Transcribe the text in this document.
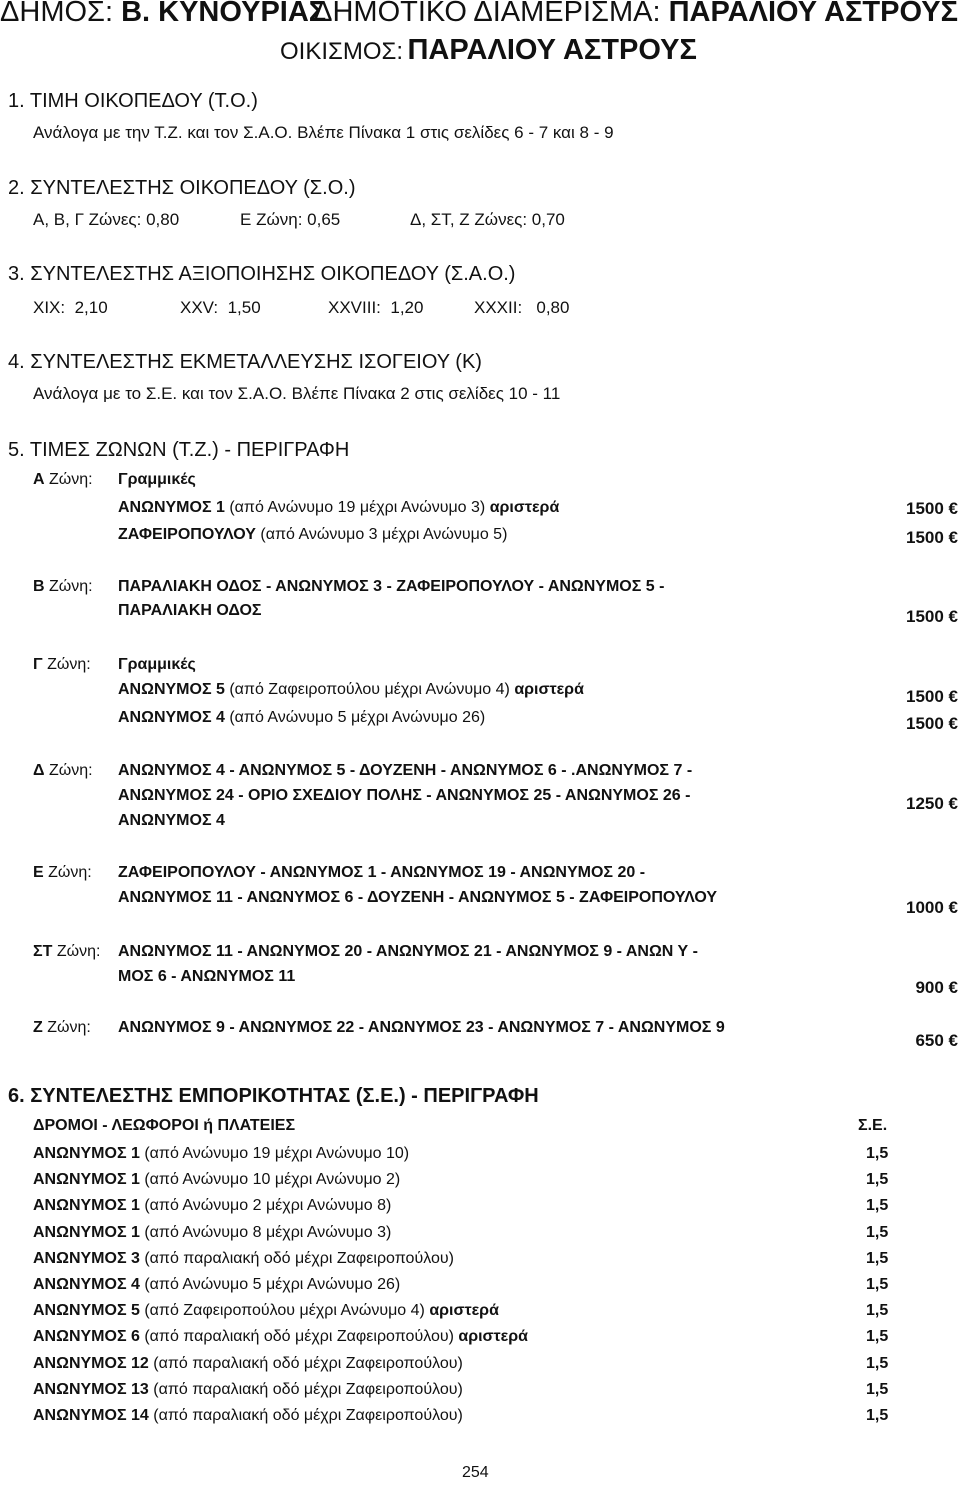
ΔΗΜΟΣ: Β. ΚΥΝΟΥΡΙΑΣ
ΔΗΜΟΤΙΚΟ ΔΙΑΜΕΡΙΣΜΑ: ΠΑΡΑΛΙΟΥ ΑΣΤΡΟΥΣ
ΟΙΚΙΣΜΟΣ: ΠΑΡΑΛΙΟΥ ΑΣΤΡΟΥΣ
1. ΤΙΜΗ ΟΙΚΟΠΕΔΟΥ (Τ.Ο.)
Ανάλογα με την Τ.Ζ. και τον Σ.Α.Ο. Βλέπε Πίνακα 1 στις σελίδες 6 - 7 και 8 - 9
2. ΣΥΝΤΕΛΕΣΤΗΣ ΟΙΚΟΠΕΔΟΥ (Σ.Ο.)
Α, Β, Γ Ζώνες: 0,80	Ε Ζώνη: 0,65	Δ, ΣΤ, Ζ Ζώνες: 0,70
3. ΣΥΝΤΕΛΕΣΤΗΣ ΑΞΙΟΠΟΙΗΣΗΣ ΟΙΚΟΠΕΔΟΥ (Σ.Α.Ο.)
XIX: 2,10	XXV: 1,50	XXVIII: 1,20	XXXII: 0,80
4. ΣΥΝΤΕΛΕΣΤΗΣ ΕΚΜΕΤΑΛΛΕΥΣΗΣ ΙΣΟΓΕΙΟΥ (Κ)
Ανάλογα με το Σ.Ε. και τον Σ.Α.Ο. Βλέπε Πίνακα 2 στις σελίδες 10 - 11
5. ΤΙΜΕΣ ΖΩΝΩΝ (Τ.Ζ.) - ΠΕΡΙΓΡΑΦΗ
Α Ζώνη: Γραμμικές
ΑΝΩΝΥΜΟΣ 1 (από Ανώνυμο 19 μέχρι Ανώνυμο 3) αριστερά	1500 €
ΖΑΦΕΙΡΟΠΟΥΛΟΥ (από Ανώνυμο 3 μέχρι Ανώνυμο 5)	1500 €
Β Ζώνη: ΠΑΡΑΛΙΑΚΗ ΟΔΟΣ - ΑΝΩΝΥΜΟΣ 3 - ΖΑΦΕΙΡΟΠΟΥΛΟΥ - ΑΝΩΝΥΜΟΣ 5 -
ΠΑΡΑΛΙΑΚΗ ΟΔΟΣ	1500 €
Γ Ζώνη: Γραμμικές
ΑΝΩΝΥΜΟΣ 5 (από Ζαφειροπούλου μέχρι Ανώνυμο 4) αριστερά	1500 €
ΑΝΩΝΥΜΟΣ 4 (από Ανώνυμο 5 μέχρι Ανώνυμο 26)	1500 €
Δ Ζώνη: ΑΝΩΝΥΜΟΣ 4 - ΑΝΩΝΥΜΟΣ 5 - ΔΟΥΖΕΝΗ - ΑΝΩΝΥΜΟΣ 6 - .ΑΝΩΝΥΜΟΣ 7 -
ΑΝΩΝΥΜΟΣ 24 - ΟΡΙΟ ΣΧΕΔΙΟΥ ΠΟΛΗΣ - ΑΝΩΝΥΜΟΣ 25 - ΑΝΩΝΥΜΟΣ 26 -
ΑΝΩΝΥΜΟΣ 4
1250 €
Ε Ζώνη: ΖΑΦΕΙΡΟΠΟΥΛΟΥ - ΑΝΩΝΥΜΟΣ 1 - ΑΝΩΝΥΜΟΣ 19 - ΑΝΩΝΥΜΟΣ 20 -
ΑΝΩΝΥΜΟΣ 11 - ΑΝΩΝΥΜΟΣ 6 - ΔΟΥΖΕΝΗ - ΑΝΩΝΥΜΟΣ 5 - ΖΑΦΕΙΡΟΠΟΥΛΟΥ
1000 €
ΣΤ Ζώνη: ΑΝΩΝΥΜΟΣ 11 - ΑΝΩΝΥΜΟΣ 20 - ΑΝΩΝΥΜΟΣ 21 - ΑΝΩΝΥΜΟΣ 9 - ΑΝΩΝ Υ -
ΜΟΣ 6 - ΑΝΩΝΥΜΟΣ 11
900 €
Ζ Ζώνη: ΑΝΩΝΥΜΟΣ 9 - ΑΝΩΝΥΜΟΣ 22 - ΑΝΩΝΥΜΟΣ 23 - ΑΝΩΝΥΜΟΣ 7 - ΑΝΩΝΥΜΟΣ 9
650 €
6. ΣΥΝΤΕΛΕΣΤΗΣ ΕΜΠΟΡΙΚΟΤΗΤΑΣ (Σ.Ε.) - ΠΕΡΙΓΡΑΦΗ
ΔΡΟΜΟΙ - ΛΕΩΦΟΡΟΙ ή ΠΛΑΤΕΙΕΣ	Σ.Ε.
ΑΝΩΝΥΜΟΣ 1 (από Ανώνυμο 19 μέχρι Ανώνυμο 10)	1,5
ΑΝΩΝΥΜΟΣ 1 (από Ανώνυμο 10 μέχρι Ανώνυμο 2)	1,5
ΑΝΩΝΥΜΟΣ 1 (από Ανώνυμο 2 μέχρι Ανώνυμο 8)	1,5
ΑΝΩΝΥΜΟΣ 1 (από Ανώνυμο 8 μέχρι Ανώνυμο 3)	1,5
ΑΝΩΝΥΜΟΣ 3 (από παραλιακή οδό μέχρι Ζαφειροπούλου)	1,5
ΑΝΩΝΥΜΟΣ 4 (από Ανώνυμο 5 μέχρι Ανώνυμο 26)	1,5
ΑΝΩΝΥΜΟΣ 5 (από Ζαφειροπούλου μέχρι Ανώνυμο 4) αριστερά	1,5
ΑΝΩΝΥΜΟΣ 6 (από παραλιακή οδό μέχρι Ζαφειροπούλου) αριστερά	1,5
ΑΝΩΝΥΜΟΣ 12 (από παραλιακή οδό μέχρι Ζαφειροπούλου)	1,5
ΑΝΩΝΥΜΟΣ 13 (από παραλιακή οδό μέχρι Ζαφειροπούλου)	1,5
ΑΝΩΝΥΜΟΣ 14 (από παραλιακή οδό μέχρι Ζαφειροπούλου)	1,5
254
